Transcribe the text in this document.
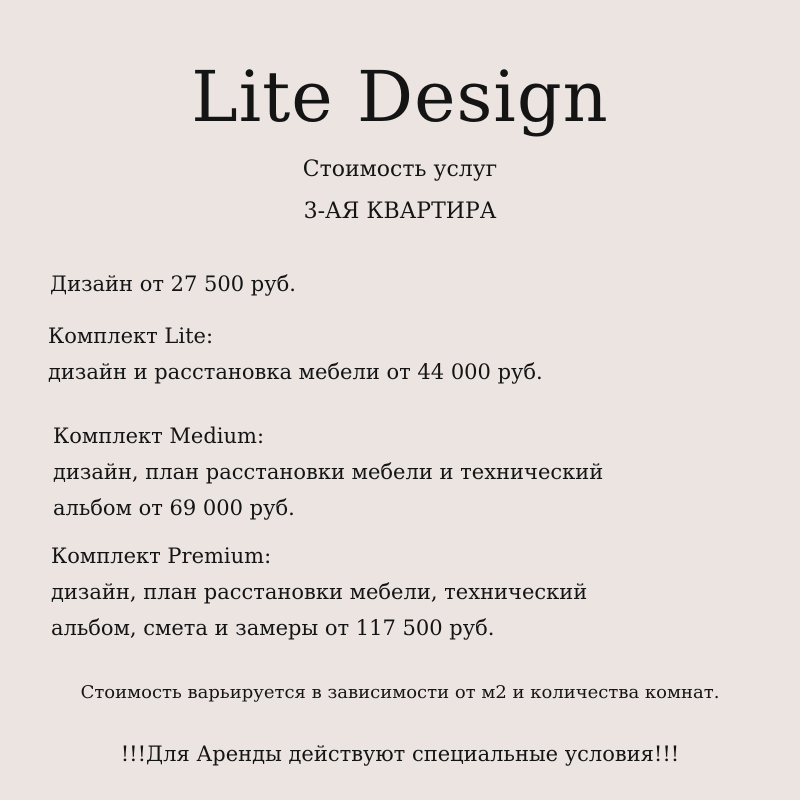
Lite Design
Стоимость услуг
3-АЯ КВАРТИРА
Дизайн от 27 500 руб.
Комплект Lite:
дизайн и расстановка мебели от 44 000 руб.
Комплект Medium:
дизайн, план расстановки мебели и технический
альбом от 69 000 руб.
Комплект Premium:
дизайн, план расстановки мебели, технический
альбом, смета и замеры от 117 500 руб.
Стоимость варьируется в зависимости от м2 и количества комнат.
!!!Для Аренды действуют специальные условия!!!
